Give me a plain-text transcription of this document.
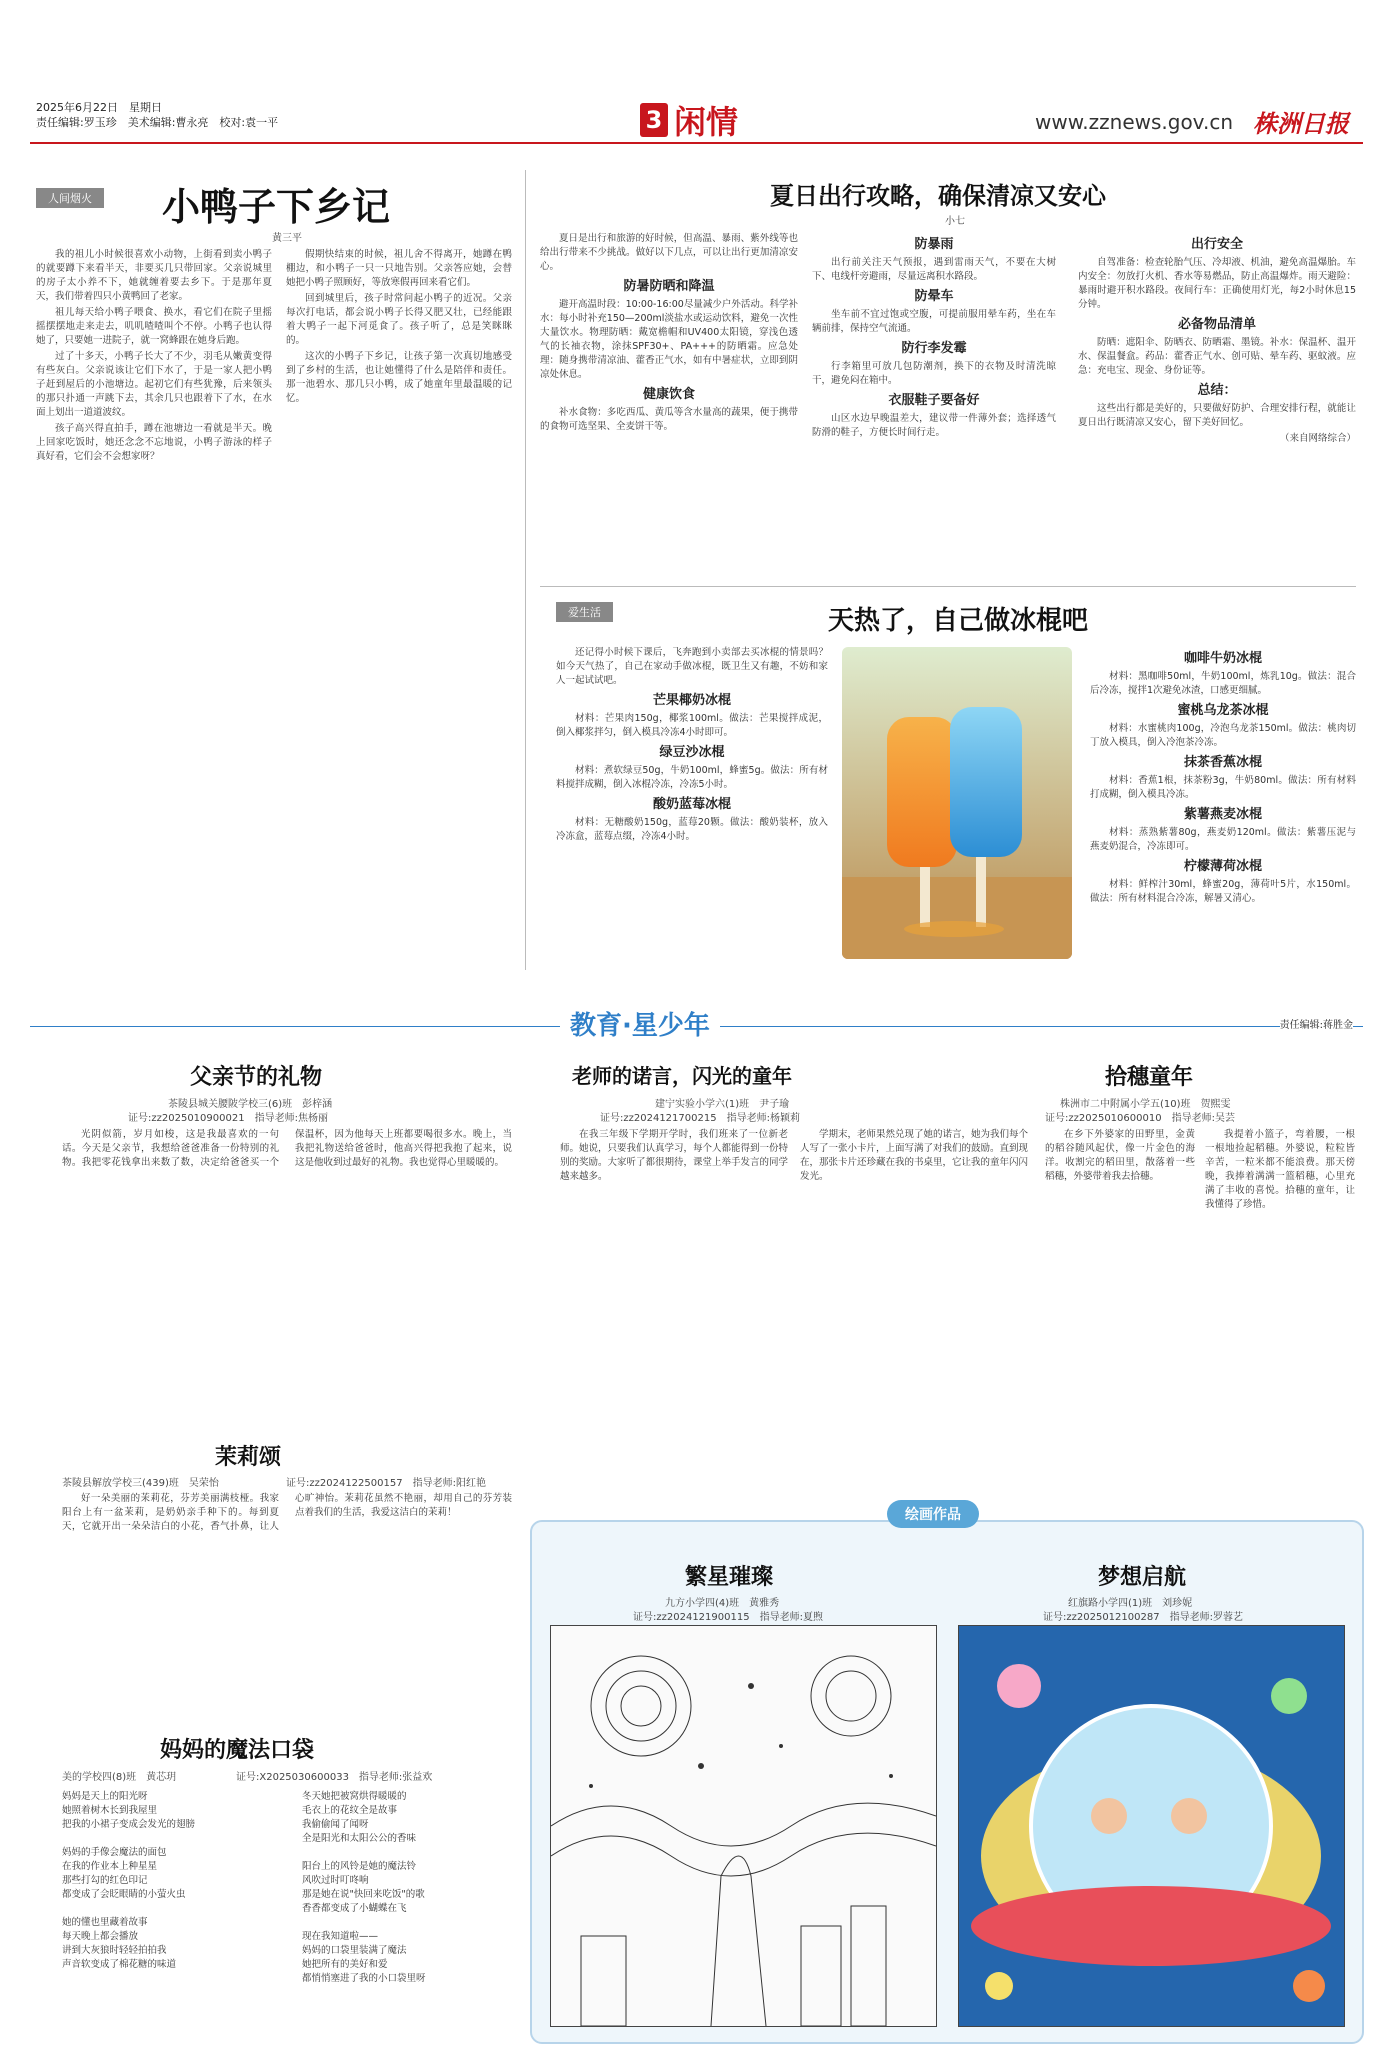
2025年6月22日　星期日
责任编辑:罗玉珍　美术编辑:曹永亮　校对:袁一平	3 闲情	www.zznews.gov.cn 株洲日报
人间烟火	小鸭子下乡记
黄三平

我的祖儿小时候很喜欢小动物，上街看到卖小鸭子的就要蹲下来看半天，非要买几只带回家。父亲说城里的房子太小养不下，她就缠着要去乡下。于是那年夏天，我们带着四只小黄鸭回了老家。

祖儿每天给小鸭子喂食、换水，看它们在院子里摇摇摆摆地走来走去，叽叽喳喳叫个不停。小鸭子也认得她了，只要她一进院子，就一窝蜂跟在她身后跑。

过了十多天，小鸭子长大了不少，羽毛从嫩黄变得有些灰白。父亲说该让它们下水了，于是一家人把小鸭子赶到屋后的小池塘边。起初它们有些犹豫，后来领头的那只扑通一声跳下去，其余几只也跟着下了水，在水面上划出一道道波纹。

孩子高兴得直拍手，蹲在池塘边一看就是半天。晚上回家吃饭时，她还念念不忘地说，小鸭子游泳的样子真好看，它们会不会想家呀？

假期快结束的时候，祖儿舍不得离开，她蹲在鸭棚边，和小鸭子一只一只地告别。父亲答应她，会替她把小鸭子照顾好，等放寒假再回来看它们。

回到城里后，孩子时常问起小鸭子的近况。父亲每次打电话，都会说小鸭子长得又肥又壮，已经能跟着大鸭子一起下河觅食了。孩子听了，总是笑眯眯的。

这次的小鸭子下乡记，让孩子第一次真切地感受到了乡村的生活，也让她懂得了什么是陪伴和责任。那一池碧水、那几只小鸭，成了她童年里最温暖的记忆。

夏日出行攻略，确保清凉又安心
小七

夏日是出行和旅游的好时候，但高温、暴雨、紫外线等也给出行带来不少挑战。做好以下几点，可以让出行更加清凉安心。

防暑防晒和降温

避开高温时段：10:00-16:00尽量减少户外活动。科学补水：每小时补充150—200ml淡盐水或运动饮料，避免一次性大量饮水。物理防晒：戴宽檐帽和UV400太阳镜，穿浅色透气的长袖衣物，涂抹SPF30+、PA+++的防晒霜。应急处理：随身携带清凉油、藿香正气水，如有中暑症状，立即到阴凉处休息。

健康饮食

补水食物：多吃西瓜、黄瓜等含水量高的蔬果，便于携带的食物可选坚果、全麦饼干等。

防暴雨

出行前关注天气预报，遇到雷雨天气，不要在大树下、电线杆旁避雨，尽量远离积水路段。

防晕车

坐车前不宜过饱或空腹，可提前服用晕车药，坐在车辆前排，保持空气流通。

防行李发霉

行李箱里可放几包防潮剂，换下的衣物及时清洗晾干，避免闷在箱中。

衣服鞋子要备好

山区水边早晚温差大，建议带一件薄外套；选择透气防滑的鞋子，方便长时间行走。

出行安全

自驾准备：检查轮胎气压、冷却液、机油，避免高温爆胎。车内安全：勿放打火机、香水等易燃品，防止高温爆炸。雨天避险：暴雨时避开积水路段。夜间行车：正确使用灯光，每2小时休息15分钟。

必备物品清单

防晒：遮阳伞、防晒衣、防晒霜、墨镜。补水：保温杯、温开水、保温餐盒。药品：藿香正气水、创可贴、晕车药、驱蚊液。应急：充电宝、现金、身份证等。

总结：

这些出行都是美好的，只要做好防护、合理安排行程，就能让夏日出行既清凉又安心，留下美好回忆。

（来自网络综合）
爱生活	天热了，自己做冰棍吧

还记得小时候下课后，飞奔跑到小卖部去买冰棍的情景吗？如今天气热了，自己在家动手做冰棍，既卫生又有趣，不妨和家人一起试试吧。

芒果椰奶冰棍

材料：芒果肉150g，椰浆100ml。做法：芒果搅拌成泥，倒入椰浆拌匀，倒入模具冷冻4小时即可。

绿豆沙冰棍

材料：煮软绿豆50g，牛奶100ml，蜂蜜5g。做法：所有材料搅拌成糊，倒入冰棍冷冻，冷冻5小时。

酸奶蓝莓冰棍

材料：无糖酸奶150g，蓝莓20颗。做法：酸奶装杯，放入冷冻盒，蓝莓点缀，冷冻4小时。

咖啡牛奶冰棍

材料：黑咖啡50ml，牛奶100ml，炼乳10g。做法：混合后冷冻，搅拌1次避免冰渣，口感更细腻。

蜜桃乌龙茶冰棍

材料：水蜜桃肉100g，冷泡乌龙茶150ml。做法：桃肉切丁放入模具，倒入冷泡茶冷冻。

抹茶香蕉冰棍

材料：香蕉1根，抹茶粉3g，牛奶80ml。做法：所有材料打成糊，倒入模具冷冻。

紫薯燕麦冰棍

材料：蒸熟紫薯80g，燕麦奶120ml。做法：紫薯压泥与燕麦奶混合，冷冻即可。

柠檬薄荷冰棍

材料：鲜榨汁30ml，蜂蜜20g，薄荷叶5片，水150ml。做法：所有材料混合冷冻，解暑又清心。

教育·星少年	责任编辑:蒋胜金
父亲节的礼物
茶陵县城关腰陂学校三(6)班　彭梓涵
证号:zz2025010900021　指导老师:焦杨丽

光阴似箭，岁月如梭，这是我最喜欢的一句话。今天是父亲节，我想给爸爸准备一份特别的礼物。我把零花钱拿出来数了数，决定给爸爸买一个保温杯，因为他每天上班都要喝很多水。晚上，当我把礼物送给爸爸时，他高兴得把我抱了起来，说这是他收到过最好的礼物。我也觉得心里暖暖的。

茉莉颂
茶陵县解放学校三(439)班　吴荣怡	证号:zz2024122500157　指导老师:阳红艳

好一朵美丽的茉莉花，芬芳美丽满枝桠。我家阳台上有一盆茉莉，是奶奶亲手种下的。每到夏天，它就开出一朵朵洁白的小花，香气扑鼻，让人心旷神怡。茉莉花虽然不艳丽，却用自己的芬芳装点着我们的生活，我爱这洁白的茉莉！

妈妈的魔法口袋
美的学校四(8)班　黄芯玥	证号:X2025030600033　指导老师:张益欢
妈妈是天上的阳光呀
她照着树木长到我屋里
把我的小裙子变成会发光的翅膀
妈妈的手像会魔法的面包
在我的作业本上种星星
那些打勾的红色印记
都变成了会眨眼睛的小萤火虫
她的懂也里藏着故事
每天晚上都会播放
讲到大灰狼时轻轻拍拍我
声音软变成了棉花糖的味道
冬天她把被窝烘得暖暖的
毛衣上的花纹全是故事
我偷偷闻了闻呀
全是阳光和太阳公公的香味
阳台上的风铃是她的魔法铃
风吹过时叮咚响
那是她在说"快回来吃饭"的歌
香香都变成了小蝴蝶在飞
现在我知道啦——
妈妈的口袋里装满了魔法
她把所有的美好和爱
都悄悄塞进了我的小口袋里呀
老师的诺言，闪光的童年
建宁实验小学六(1)班　尹子瑜
证号:zz2024121700215　指导老师:杨颖莉

在我三年级下学期开学时，我们班来了一位新老师。她说，只要我们认真学习，每个人都能得到一份特别的奖励。大家听了都很期待，课堂上举手发言的同学越来越多。

学期末，老师果然兑现了她的诺言，她为我们每个人写了一张小卡片，上面写满了对我们的鼓励。直到现在，那张卡片还珍藏在我的书桌里，它让我的童年闪闪发光。

拾穗童年
株洲市二中附属小学五(10)班　贺熙雯
证号:zz2025010600010　指导老师:吴芸

在乡下外婆家的田野里，金黄的稻谷随风起伏，像一片金色的海洋。收割完的稻田里，散落着一些稻穗，外婆带着我去拾穗。

我提着小篮子，弯着腰，一根一根地捡起稻穗。外婆说，粒粒皆辛苦，一粒米都不能浪费。那天傍晚，我捧着满满一篮稻穗，心里充满了丰收的喜悦。拾穗的童年，让我懂得了珍惜。

绘画作品
繁星璀璨
九方小学四(4)班　黄雅秀
证号:zz2024121900115　指导老师:夏煦
梦想启航
红旗路小学四(1)班　刘珍妮
证号:zz2025012100287　指导老师:罗蓉艺
